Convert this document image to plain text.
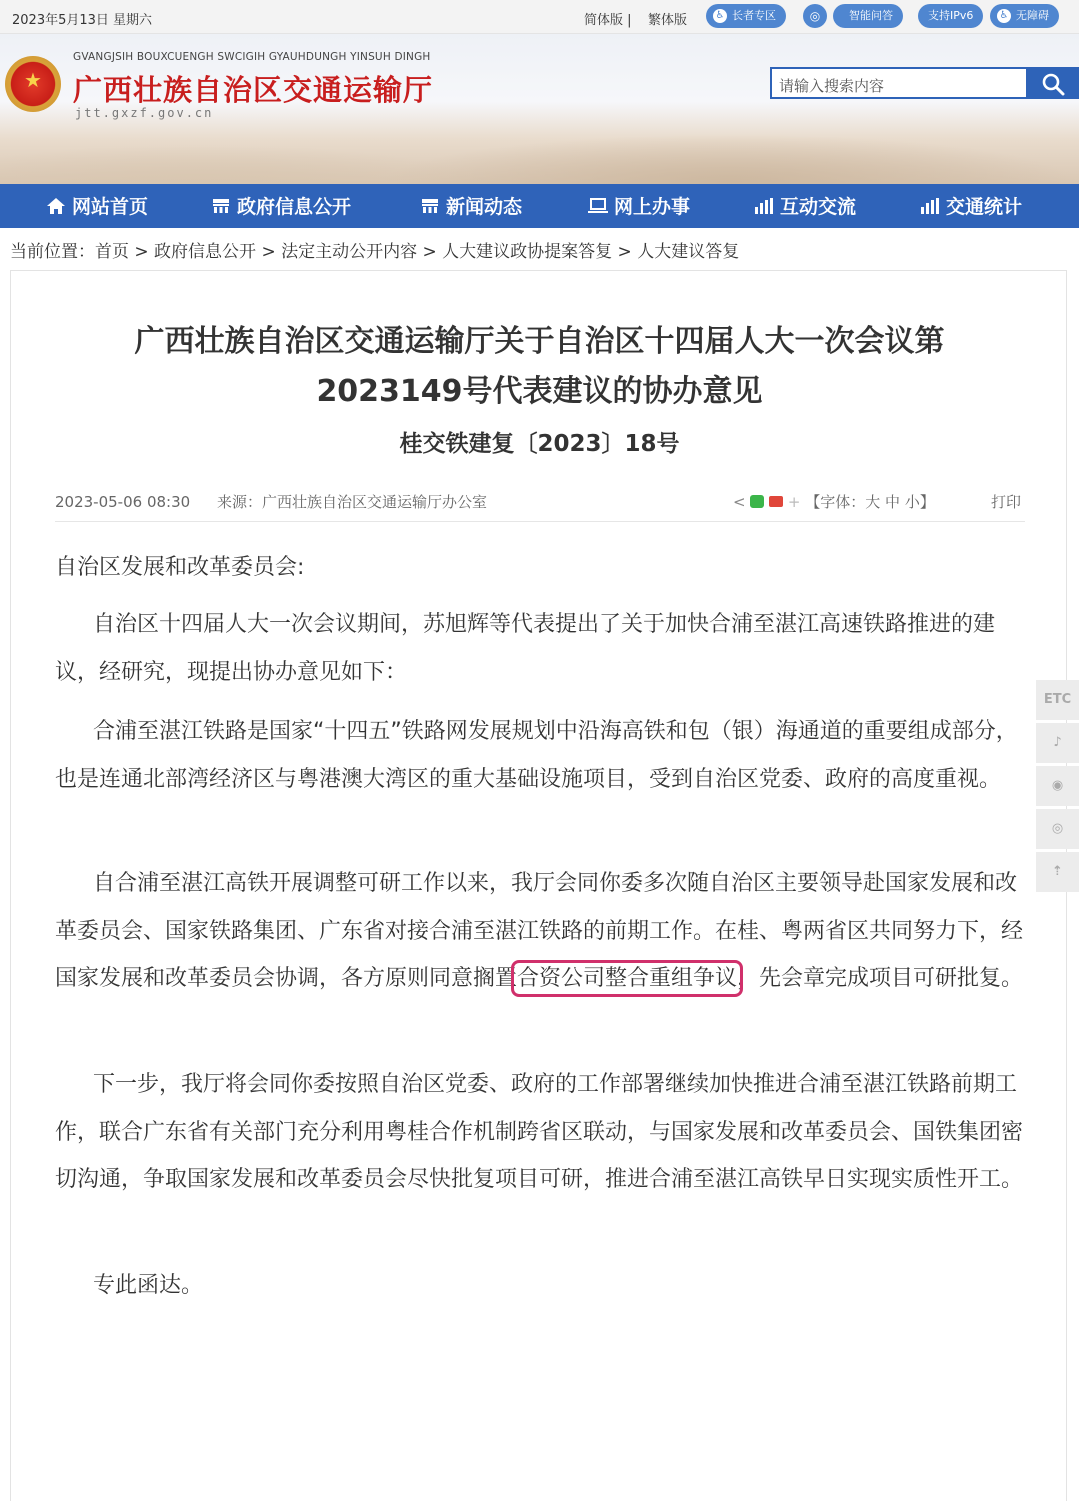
2023年5月13日 星期六	简体版 | 繁体版	♿ 长者专区	◎	智能问答	支持IPv6	♿ 无障碍
★
GVANGJSIH BOUXCUENGH SWCIGIH GYAUHDUNGH YINSUH DINGH
广西壮族自治区交通运输厅
jtt.gxzf.gov.cn
请输入搜索内容
网站首页	政府信息公开	新闻动态	网上办事	互动交流	交通统计
当前位置：首页 > 政府信息公开 > 法定主动公开内容 > 人大建议政协提案答复 > 人大建议答复
广西壮族自治区交通运输厅关于自治区十四届人大一次会议第
2023149号代表建议的协办意见
桂交铁建复〔2023〕18号
2023-05-06 08:30 来源：广西壮族自治区交通运输厅办公室	<	+ 【字体：大 中 小】	打印
自治区发展和改革委员会:
自治区十四届人大一次会议期间，苏旭辉等代表提出了关于加快合浦至湛江高速铁路推进的建议，经研究，现提出协办意见如下：
合浦至湛江铁路是国家“十四五”铁路网发展规划中沿海高铁和包（银）海通道的重要组成部分，也是连通北部湾经济区与粤港澳大湾区的重大基础设施项目，受到自治区党委、政府的高度重视。
自合浦至湛江高铁开展调整可研工作以来，我厅会同你委多次随自治区主要领导赴国家发展和改革委员会、国家铁路集团、广东省对接合浦至湛江铁路的前期工作。在桂、粤两省区共同努力下，经国家发展和改革委员会协调，各方原则同意搁置合资公司整合重组争议，先会章完成项目可研批复。
下一步，我厅将会同你委按照自治区党委、政府的工作部署继续加快推进合浦至湛江铁路前期工作，联合广东省有关部门充分利用粤桂合作机制跨省区联动，与国家发展和改革委员会、国铁集团密切沟通，争取国家发展和改革委员会尽快批复项目可研，推进合浦至湛江高铁早日实现实质性开工。
专此函达。
ETC
♪
◉
◎
⇡
